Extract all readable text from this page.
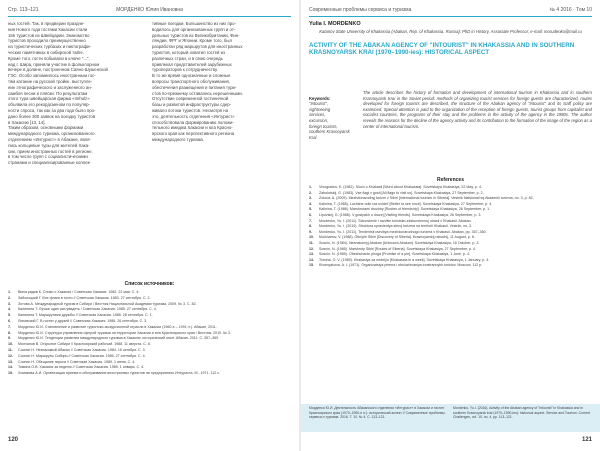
Стр. 113–121	МОРДЕНКО Юлия Ивановна
ных гостей. Так, в предверии праздне-
ния Нового года гостями Хакасии стали
156 туристов из Швейцарии. Знакомство
туристов проходило преимущественно
на туристических турбазах и пиктографи-
ческих памятниках в сибирской тайге.
Кроме того, гости побывали в ключе "...",
над г. Шира, приняли участие в фольклорном
вечере в долине, построенном Саяно-Шушенской
ГЭС. Особо запомнилось иностранным гос-
тям катание на русской тройке, выступле-
ние этнографического и заслуженного ан-
самбля песни и пляски. По результатам
этого тура швейцарская фирма «Imholz»
объявила его рекордсменом по популяр-
ности спроса, так как за два года было про-
дано более 300 заявок на поездку туристов
в Хакасию [13, 14].
Таким образом, основными формами
международного туризма, организованного
отделением «Интурист» в Абакане, явля-
лись кольцевые туры для жителей Хака-
сии, прием иностранных гостей в регионе,
в том числе групп с социалистическими
странами и специализированные коллек-
тивные поездки. Большинство из них про-
водилось для организованных групп и от-
дельных туристов из Великобритании, Фин-
ляндии, ФРГ и Японии. Кроме того, был
разработан ряд маршрутов для иностранных
туристов, который охватил гостей из
различных стран, и в свою очередь
привлекал представителей зарубежных
туроператоров к сотрудничеству.
В то же время однозначные и сложные
вопросы транспортного обслуживания,
обеспечения размещения и питания тури-
стов по-прежнему оставались нерешенными.
Отсутствие современной гостиничной
базы и развитой инфраструктуры сдер-
живало потоки туристов. Несмотря на
это, деятельность отделения «Интурист»
способствовала формированию положи-
тельного имиджа Хакасии и юга Красно-
ярского края как перспективного региона
международного туризма.
Список источников:
1. Виноградов К. Слово о Хакасии / Советская Хакасия. 1982. 22 мая. С. 4.
2. Заболоцкий Г. Все флаги в гости // Советская Хакасия. 1983. 27 сентября. С. 2.
3. Зотова А. Международный туризм в Сибири / Вестник Национальной Академии туризма. 2009. № 3. С. 82.
4. Калинина Т. Лучше один раз увидеть / Советская Хакасия. 1985. 27 сентября. С. 4.
5. Калинина Т. Маршрутами дружбы // Советская Хакасия. 1986. 28 сентября. С. 1.
6. Липовский Г. В гостях у друзей // Советская Хакасия. 1986. 26 сентября. С. 3.
7. Морденко Ю.И. Становление и развитие туристско-экскурсионной отрасли в Хакасии (1960-е – 1991 гг.). Абакан, 2011.
8. Морденко Ю.И. Структура управления сферой туризма на территории Хакасии и юга Красноярского края / Вестник. 2010. № 3.
9. Морденко Ю.И. Тенденции развития международного туризма в Хакасии: исторический опыт. Абакан, 2011. С. 357–360.
10. Молчанов В. Открытие Сибири // Красноярский рабочий. 1988. 11 августа. С. 8.
11. Соснин Н. Незнакомый Абакан // Советская Хакасия. 1984. 16 октября. С. 3.
12. Соснин Н. Маршруты Сибири // Советская Хакасия. 1985. 27 сентября. С. 4.
13. Соснин Н. Обещание пирога // Советская Хакасия. 1989. 1 июня. С. 4.
14. Томина О.В. Хакасия за неделю // Советская Хакасия. 1989. 1 января. С. 4.
15. Хомякова А.И. Организация приема и обслуживания иностранных туристов на предприятиях Интуриста. М., 1971. 112 с.
120
Современные проблемы сервиса и туризма	№ 4 2016 · Том 10
Yulia I. MORDENKO
Katanov State University of Khakassia (Abakan, Rep. of Khakassia, Russia); PhD in History, Associate Professor; e-mail: morudenko@mail.ru
ACTIVITY OF THE ABAKAN AGENCY OF "INTOURIST" IN KHAKASSIA AND IN SOUTHERN KRASNOYARSK KRAI (1970–1990-ies): HISTORICAL ASPECT

Keywords:
"Intourist",
sightseeing
services,
excursion,
foreign tourists,
southern Krasnoyarsk
Krai

The article describes the history of formation and development of international tourism in Khakassia and in southern Krasnoyarsk Krai in the Soviet period: methods of organizing tourist services for foreign guests are characterized, routes developed for foreign tourists are described, the structure of the Abakan agency of "Intourist" and its staff policy are examined. Special attention is paid to the organization of the reception of foreign guests, tourist groups from capitalist and socialist countries, the programs of their stay and the problems in the activity of the agency in the 1980s. The author reveals the reasons for the decline of the agency activity and its contribution to the formation of the image of the region as a center of international tourism.
References
1. Vinogradov, K. (1982). Slovo o Khakasii [Word about Khakassia]. Sovetskaya Khakasiya, 22 May, p. 4.
2. Zabolotskij, G. (1983). Vse flagi v gosti [All flags to visit us]. Sovetskaya Khakasiya, 27 September, p. 2.
3. Zotova, A. (2009). Mezhdunarodnyj turizm v Sibiri [International tourism in Siberia]. Vestnik Natsional'noj Akademii turizma, no. 3, p. 82.
4. Kalinina, T. (1985). Luchshe odin raz uvidet' [Better to see once]. Sovetskaya Khakasiya, 27 September, p. 4.
5. Kalinina, T. (1986). Marshrutami druzhby [Routes of friendship]. Sovetskaya Khakasiya, 28 September, p. 1.
6. Lipovskij, G. (1986). V gostyakh u druzej [Visiting friends]. Sovetskaya Khakasiya, 26 September, p. 3.
7. Mordenko, Yu. I. (2011). Stanovlenie i razvitie turistsko-ekskursionnoj otrasli v Khakasii. Abakan.
8. Mordenko, Yu. I. (2010). Struktura upravleniya sferoj turizma na territorii Khakasii. Vestnik, no. 3.
9. Mordenko, Yu. I. (2011). Tendentsii razvitiya mezhdunarodnogo turizma v Khakasii. Abakan, pp. 357–360.
10. Molchanov, V. (1988). Otkrytie Sibiri [Discovery of Siberia]. Krasnoyarskij rabochij, 11 August, p. 8.
11. Sosnin, N. (1984). Neznakomyj Abakan [Unknown Abakan]. Sovetskaya Khakasiya, 16 October, p. 3.
12. Sosnin, N. (1985). Marshruty Sibiri [Routes of Siberia]. Sovetskaya Khakasiya, 27 September, p. 4.
13. Sosnin, N. (1989). Obeshchanie piroga [Promise of a pie]. Sovetskaya Khakasiya, 1 June, p. 4.
14. Tomina, O. V. (1989). Khakasiya za nedelyu [Khakassia in a week]. Sovetskaya Khakasiya, 1 January, p. 4.
15. Khomyakova, A. I. (1971). Organizatsiya priema i obsluzhivaniya inostrannykh turistov. Moscow. 112 p.
Морденко Ю.И. Деятельность Абаканского отделения «Интурист» в Хакасии и на юге Красноярского края (1970–1990-е гг.): исторический аспект // Современные проблемы сервиса и туризма. 2016. Т. 10. № 4. С. 113–121.
Mordenko, Yu.I. (2016). Activity of the Abakan agency of "Intourist" in Khakassia and in southern Krasnoyarsk krai (1970–1990-ies): historical aspect. Service and Tourism: Current Challenges, vol. 10, no. 4, pp. 113–121.
121
